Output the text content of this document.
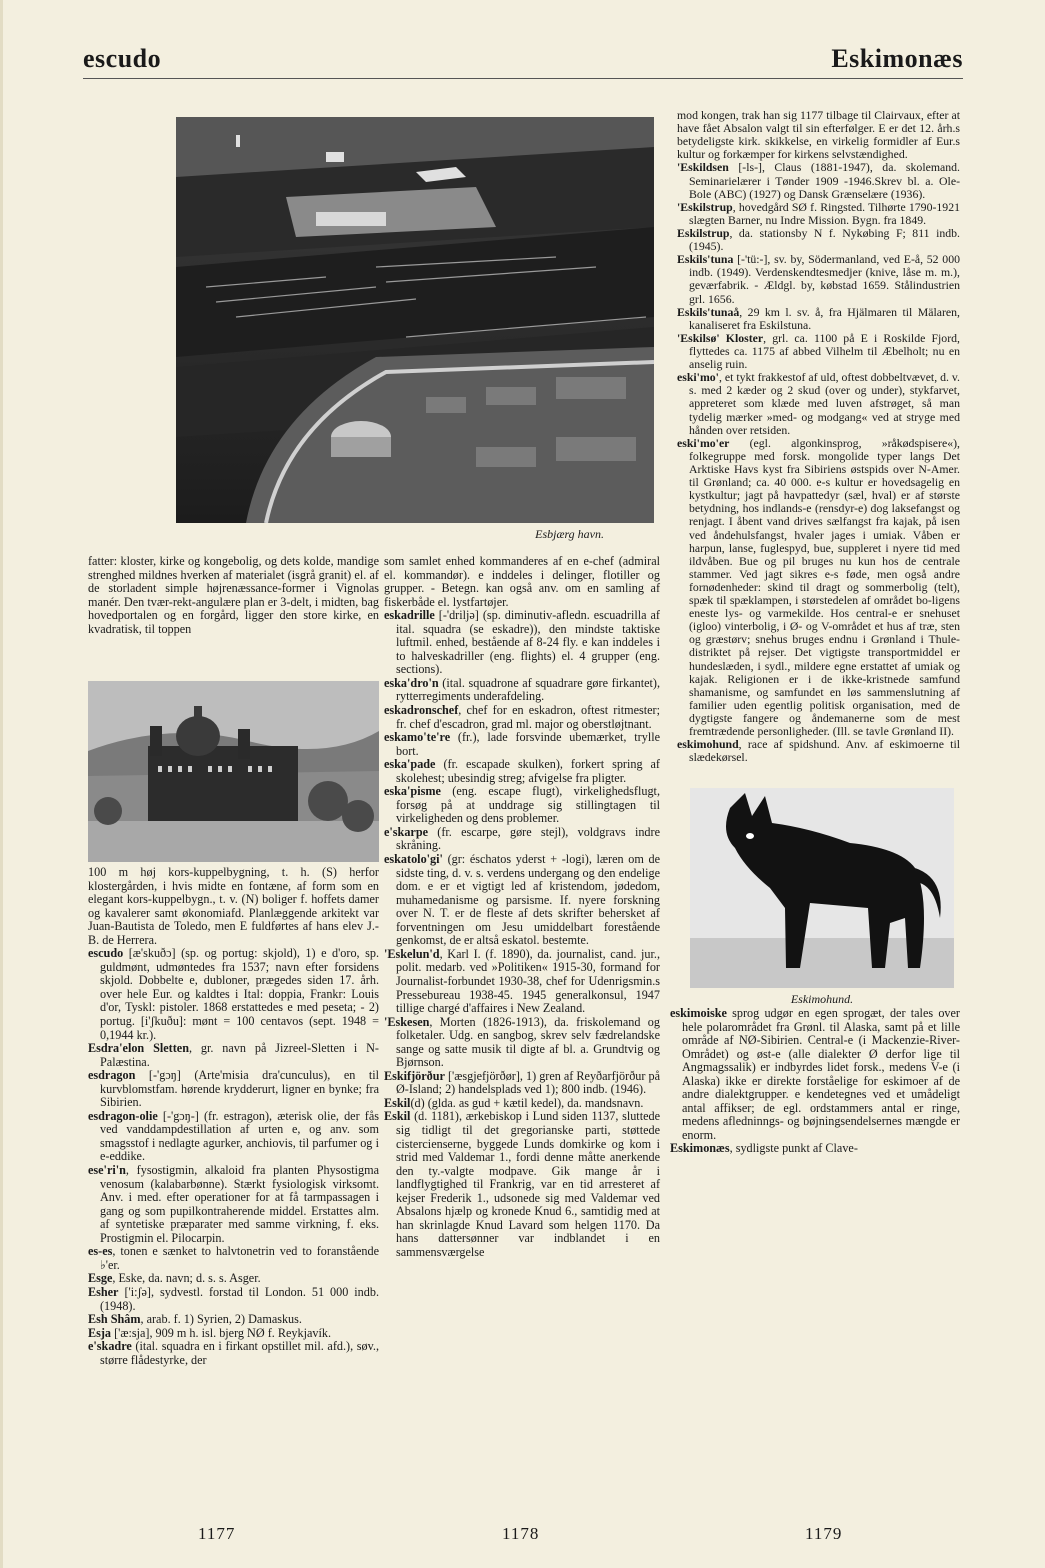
escudo	Eskimonæs
Esbjærg havn.
Eskimohund.

fatter: kloster, kirke og kongebolig, og dets kolde, mandige strenghed mildnes hverken af materialet (isgrå granit) el. af de storladent simple højrenæssance-former i Vignolas manér. Den tvær-rekt-angulære plan er 3-delt, i midten, bag hovedportalen og en forgård, ligger den store kirke, en kvadratisk, til toppen

100 m høj kors-kuppelbygning, t. h. (S) herfor klostergården, i hvis midte en fontæne, af form som en elegant kors-kuppelbygn., t. v. (N) boliger f. hoffets damer og kavalerer samt økonomiafd. Planlæggende arkitekt var Juan-Bautista de Toledo, men E fuldførtes af hans elev J.-B. de Herrera.

escudo [æ'skuðɔ] (sp. og portug: skjold), 1) e d'oro, sp. guldmønt, udmøntedes fra 1537; navn efter forsidens skjold. Dobbelte e, dubloner, prægedes siden 17. årh. over hele Eur. og kaldtes i Ital: doppia, Frankr: Louis d'or, Tyskl: pistoler. 1868 erstattedes e med peseta; - 2) portug. [i'ʃkuðu]: mønt = 100 centavos (sept. 1948 = 0,1944 kr.).

Esdra'elon Sletten, gr. navn på Jizreel-Sletten i N-Palæstina.

esdragon [-'gɔŋ] (Arte'misia dra'cunculus), en til kurvblomstfam. hørende krydderurt, ligner en bynke; fra Sibirien.

esdragon-olie [-'gɔŋ-] (fr. estragon), æterisk olie, der fås ved vanddampdestillation af urten e, og anv. som smagsstof i nedlagte agurker, anchiovis, til parfumer og i e-eddike.

ese'ri'n, fysostigmin, alkaloid fra planten Physostigma venosum (kalabarbønne). Stærkt fysiologisk virksomt. Anv. i med. efter operationer for at få tarmpassagen i gang og som pupilkontraherende middel. Erstattes alm. af syntetiske præparater med samme virkning, f. eks. Prostigmin el. Pilocarpin.

es-es, tonen e sænket to halvtonetrin ved to foranstående ♭'er.

Esge, Eske, da. navn; d. s. s. Asger.

Esher ['i:ʃə], sydvestl. forstad til London. 51 000 indb. (1948).

Esh Shâm, arab. f. 1) Syrien, 2) Damaskus.

Esja ['æ:sja], 909 m h. isl. bjerg NØ f. Reykjavík.

e'skadre (ital. squadra en i firkant opstillet mil. afd.), søv., større flådestyrke, der

som samlet enhed kommanderes af en e-chef (admiral el. kommandør). e inddeles i delinger, flotiller og grupper. - Betegn. kan også anv. om en samling af fiskerbåde el. lystfartøjer.

eskadrille [-'drilјə] (sp. diminutiv-afledn. escuadrilla af ital. squadra (se eskadre)), den mindste taktiske luftmil. enhed, bestående af 8-24 fly. e kan inddeles i to halveskadriller (eng. flights) el. 4 grupper (eng. sections).

eska'dro'n (ital. squadrone af squadrare gøre firkantet), rytterregiments underafdeling.

eskadronschef, chef for en eskadron, oftest ritmester; fr. chef d'escadron, grad ml. major og oberstløjtnant.

eskamo'te're (fr.), lade forsvinde ubemærket, trylle bort.

eska'pade (fr. escapade skulken), forkert spring af skolehest; ubesindig streg; afvigelse fra pligter.

eska'pisme (eng. escape flugt), virkelighedsflugt, forsøg på at unddrage sig stillingtagen til virkeligheden og dens problemer.

e'skarpe (fr. escarpe, gøre stejl), voldgravs indre skråning.

eskatolo'gi' (gr: éschatos yderst + -logi), læren om de sidste ting, d. v. s. verdens undergang og den endelige dom. e er et vigtigt led af kristendom, jødedom, muhamedanisme og parsisme. If. nyere forskning over N. T. er de fleste af dets skrifter behersket af forventningen om Jesu umiddelbart forestående genkomst, de er altså eskatol. bestemte.

'Eskelun'd, Karl I. (f. 1890), da. journalist, cand. jur., polit. medarb. ved »Politiken« 1915-30, formand for Journalist-forbundet 1930-38, chef for Udenrigsmin.s Pressebureau 1938-45. 1945 generalkonsul, 1947 tillige chargé d'affaires i New Zealand.

'Eskesen, Morten (1826-1913), da. friskolemand og folketaler. Udg. en sangbog, skrev selv fædrelandske sange og satte musik til digte af bl. a. Grundtvig og Bjørnson.

Eskifjörður ['æsgjefjörðør], 1) gren af Reyðarfjörður på Ø-Island; 2) handelsplads ved 1); 800 indb. (1946).

Eskil(d) (glda. as gud + kætil kedel), da. mandsnavn.

Eskil (d. 1181), ærkebiskop i Lund siden 1137, sluttede sig tidligt til det gregorianske parti, støttede cistercienserne, byggede Lunds domkirke og kom i strid med Valdemar 1., fordi denne måtte anerkende den ty.-valgte modpave. Gik mange år i landflygtighed til Frankrig, var en tid arresteret af kejser Frederik 1., udsonede sig med Valdemar ved Absalons hjælp og kronede Knud 6., samtidig med at han skrinlagde Knud Lavard som helgen 1170. Da hans dattersønner var indblandet i en sammensværgelse

mod kongen, trak han sig 1177 tilbage til Clairvaux, efter at have fået Absalon valgt til sin efterfølger. E er det 12. årh.s betydeligste kirk. skikkelse, en virkelig formidler af Eur.s kultur og forkæmper for kirkens selvstændighed.

'Eskildsen [-ls-], Claus (1881-1947), da. skolemand. Seminarielærer i Tønder 1909 -1946.Skrev bl. a. Ole-Bole (ABC) (1927) og Dansk Grænselære (1936).

'Eskilstrup, hovedgård SØ f. Ringsted. Tilhørte 1790-1921 slægten Barner, nu Indre Mission. Bygn. fra 1849.

Eskilstrup, da. stationsby N f. Nykøbing F; 811 indb. (1945).

Eskils'tuna [-'tü:-], sv. by, Södermanland, ved E-å, 52 000 indb. (1949). Verdenskendtesmedjer (knive, låse m. m.), geværfabrik. - Ældgl. by, købstad 1659. Stålindustrien grl. 1656.

Eskils'tunaå, 29 km l. sv. å, fra Hjälmaren til Mälaren, kanaliseret fra Eskilstuna.

'Eskilsø' Kloster, grl. ca. 1100 på E i Roskilde Fjord, flyttedes ca. 1175 af abbed Vilhelm til Æbelholt; nu en anselig ruin.

eski'mo', et tykt frakkestof af uld, oftest dobbeltvævet, d. v. s. med 2 kæder og 2 skud (over og under), stykfarvet, appreteret som klæde med luven afstrøget, så man tydelig mærker »med- og modgang« ved at stryge med hånden over retsiden.

eski'mo'er (egl. algonkinsprog, »råkødspisere«), folkegruppe med forsk. mongolide typer langs Det Arktiske Havs kyst fra Sibiriens østspids over N-Amer. til Grønland; ca. 40 000. e-s kultur er hovedsagelig en kystkultur; jagt på havpattedyr (sæl, hval) er af største betydning, hos indlands-e (rensdyr-e) dog laksefangst og renjagt. I åbent vand drives sælfangst fra kajak, på isen ved åndehulsfangst, hvaler jages i umiak. Våben er harpun, lanse, fuglespyd, bue, suppleret i nyere tid med ildvåben. Bue og pil bruges nu kun hos de centrale stammer. Ved jagt sikres e-s føde, men også andre fornødenheder: skind til dragt og sommerbolig (telt), spæk til spæklampen, i størstedelen af området bo-ligens eneste lys- og varmekilde. Hos central-e er snehuset (igloo) vinterbolig, i Ø- og V-området et hus af træ, sten og græstørv; snehus bruges endnu i Grønland i Thule-distriktet på rejser. Det vigtigste transportmiddel er hundeslæden, i sydl., mildere egne erstattet af umiak og kajak. Religionen er i de ikke-kristnede samfund shamanisme, og samfundet en løs sammenslutning af familier uden egentlig politisk organisation, med de dygtigste fangere og åndemanerne som de mest fremtrædende personligheder. (Ill. se tavle Grønland II).

eskimohund, race af spidshund. Anv. af eskimoerne til slædekørsel.

eskimoiske sprog udgør en egen sprogæt, der tales over hele polarområdet fra Grønl. til Alaska, samt på et lille område af NØ-Sibirien. Central-e (i Mackenzie-River-Området) og øst-e (alle dialekter Ø derfor lige til Angmagssalik) er indbyrdes lidet forsk., medens V-e (i Alaska) ikke er direkte forståelige for eskimoer af de andre dialektgrupper. e kendetegnes ved et umådeligt antal affikser; de egl. ordstammers antal er ringe, medens afledninngs- og bøjningsendelsernes mængde er enorm.

Eskimonæs, sydligste punkt af Clave-

1177	1178	1179
